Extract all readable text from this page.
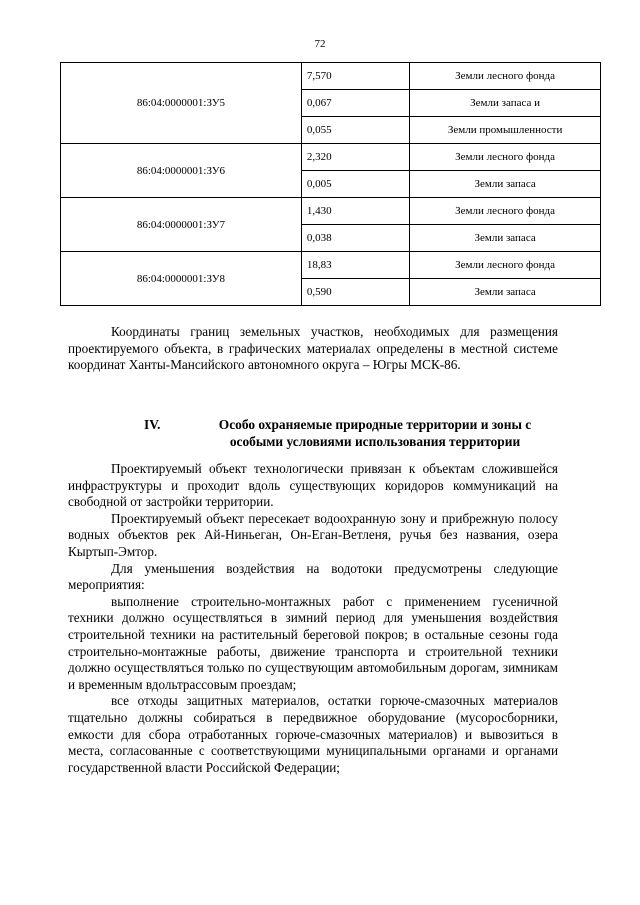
72
86:04:0000001:ЗУ5	7,570	Земли лесного фонда
	0,067	Земли запаса и
	0,055	Земли промышленности
86:04:0000001:ЗУ6	2,320	Земли лесного фонда
	0,005	Земли запаса
86:04:0000001:ЗУ7	1,430	Земли лесного фонда
	0,038	Земли запаса
86:04:0000001:ЗУ8	18,83	Земли лесного фонда
	0,590	Земли запаса

Координаты границ земельных участков, необходимых для размещения проектируемого объекта, в графических материалах определены в местной системе координат Ханты-Мансийского автономного округа – Югры МСК-86.

IV.	Особо охраняемые природные территории и зоны с особыми условиями использования территории

Проектируемый объект технологически привязан к объектам сложившейся инфраструктуры и проходит вдоль существующих коридоров коммуникаций на свободной от застройки территории.

Проектируемый объект пересекает водоохранную зону и прибрежную полосу водных объектов рек Ай-Ниньеган, Он-Еган-Ветленя, ручья без названия, озера Кыртып-Эмтор.

Для уменьшения воздействия на водотоки предусмотрены следующие мероприятия:

выполнение строительно-монтажных работ с применением гусеничной техники должно осуществляться в зимний период для уменьшения воздействия строительной техники на растительный береговой покров; в остальные сезоны года строительно-монтажные работы, движение транспорта и строительной техники должно осуществляться только по существующим автомобильным дорогам, зимникам и временным вдольтрассовым проездам;

все отходы защитных материалов, остатки горюче-смазочных материалов тщательно должны собираться в передвижное оборудование (мусоросборники, емкости для сбора отработанных горюче-смазочных материалов) и вывозиться в места, согласованные с соответствующими муниципальными органами и органами государственной власти Российской Федерации;
